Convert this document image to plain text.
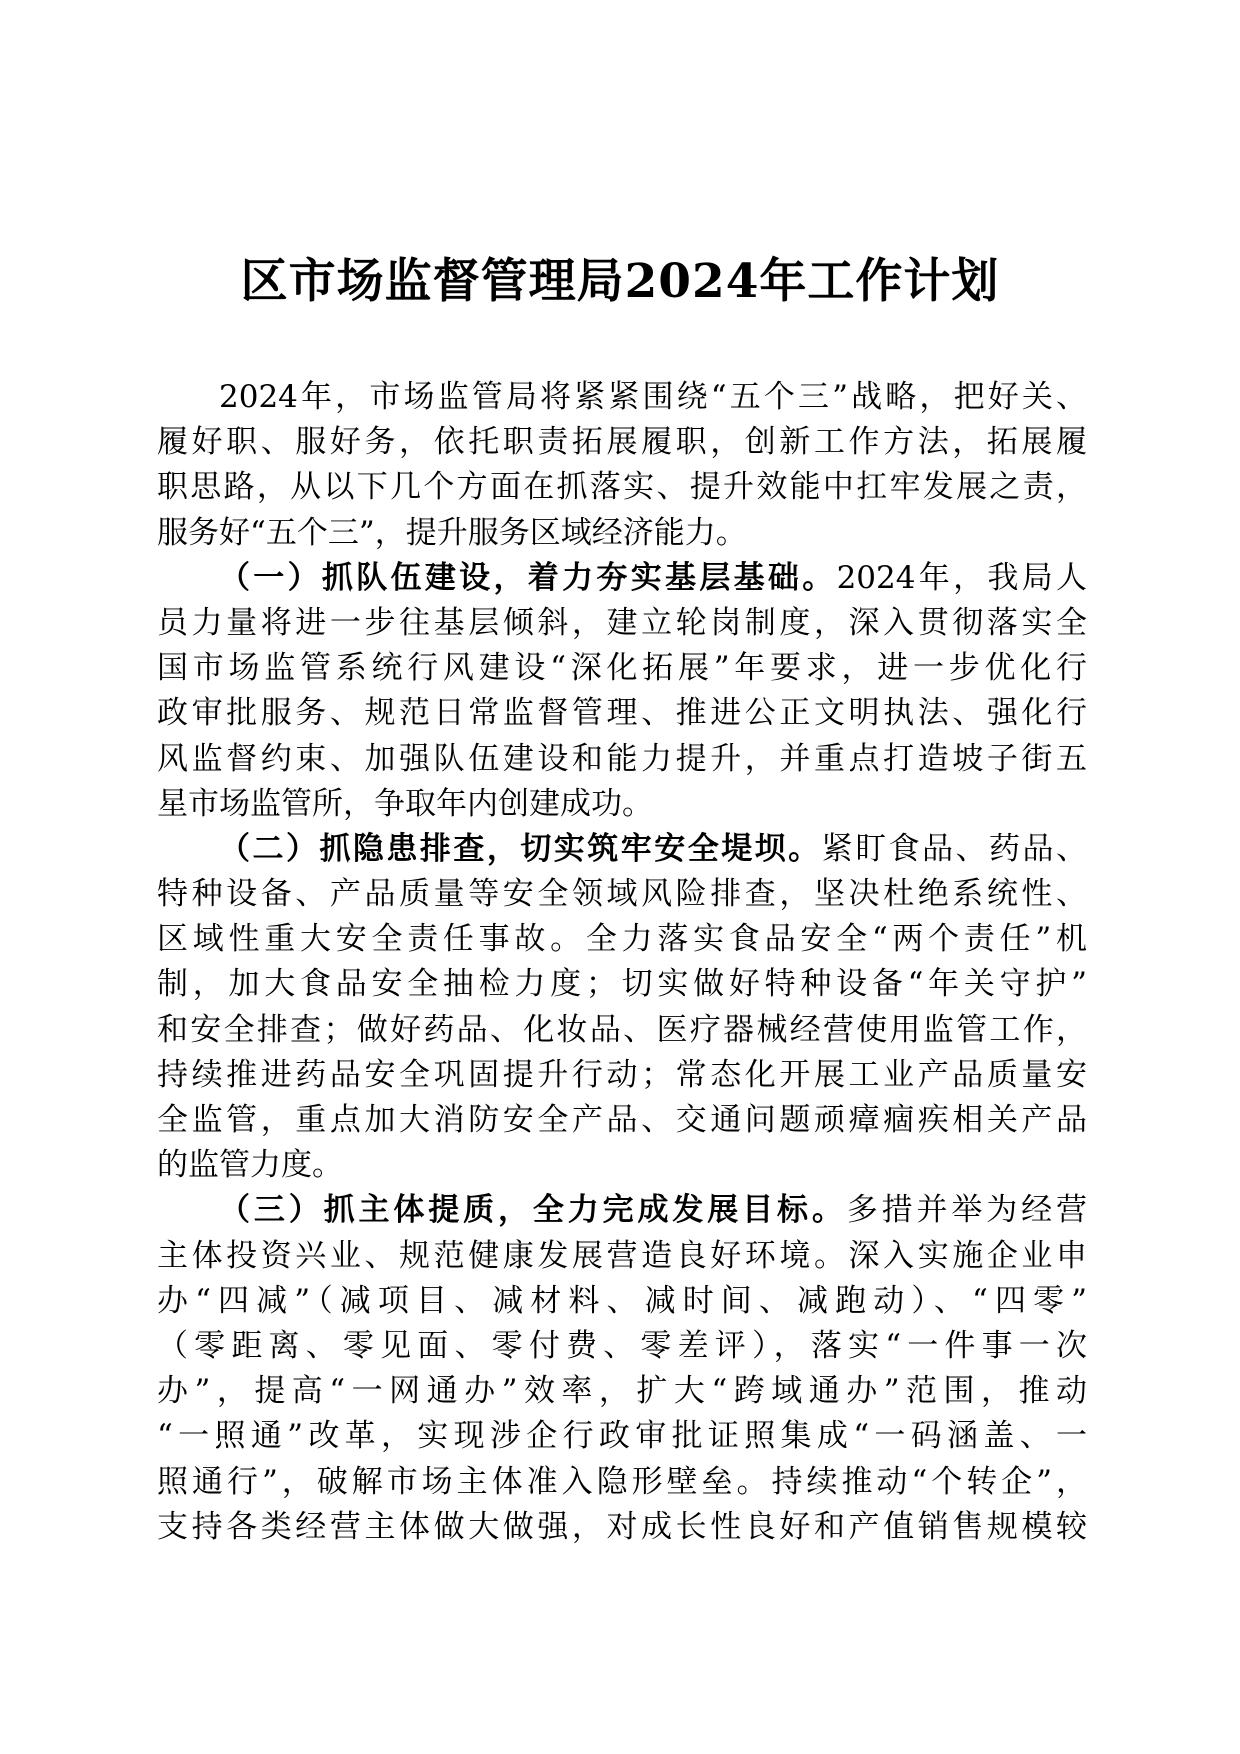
区市场监督管理局2024年工作计划
2024年，市场监管局将紧紧围绕“五个三”战略，把好关、
履好职、服好务，依托职责拓展履职，创新工作方法，拓展履
职思路，从以下几个方面在抓落实、提升效能中扛牢发展之责，
服务好“五个三”，提升服务区域经济能力。
（一）抓队伍建设，着力夯实基层基础。2024年，我局人
员力量将进一步往基层倾斜，建立轮岗制度，深入贯彻落实全
国市场监管系统行风建设“深化拓展”年要求，进一步优化行
政审批服务、规范日常监督管理、推进公正文明执法、强化行
风监督约束、加强队伍建设和能力提升，并重点打造坡子街五
星市场监管所，争取年内创建成功。
（二）抓隐患排查，切实筑牢安全堤坝。紧盯食品、药品、
特种设备、产品质量等安全领域风险排查，坚决杜绝系统性、
区域性重大安全责任事故。全力落实食品安全“两个责任”机
制，加大食品安全抽检力度；切实做好特种设备“年关守护”
和安全排查；做好药品、化妆品、医疗器械经营使用监管工作，
持续推进药品安全巩固提升行动；常态化开展工业产品质量安
全监管，重点加大消防安全产品、交通问题顽瘴痼疾相关产品
的监管力度。
（三）抓主体提质，全力完成发展目标。多措并举为经营
主体投资兴业、规范健康发展营造良好环境。深入实施企业申
办“四减”（减项目、减材料、减时间、减跑动）、“四零”
（零距离、零见面、零付费、零差评），落实“一件事一次
办”，提高“一网通办”效率，扩大“跨域通办”范围，推动
“一照通”改革，实现涉企行政审批证照集成“一码涵盖、一
照通行”，破解市场主体准入隐形壁垒。持续推动“个转企”，
支持各类经营主体做大做强，对成长性良好和产值销售规模较
